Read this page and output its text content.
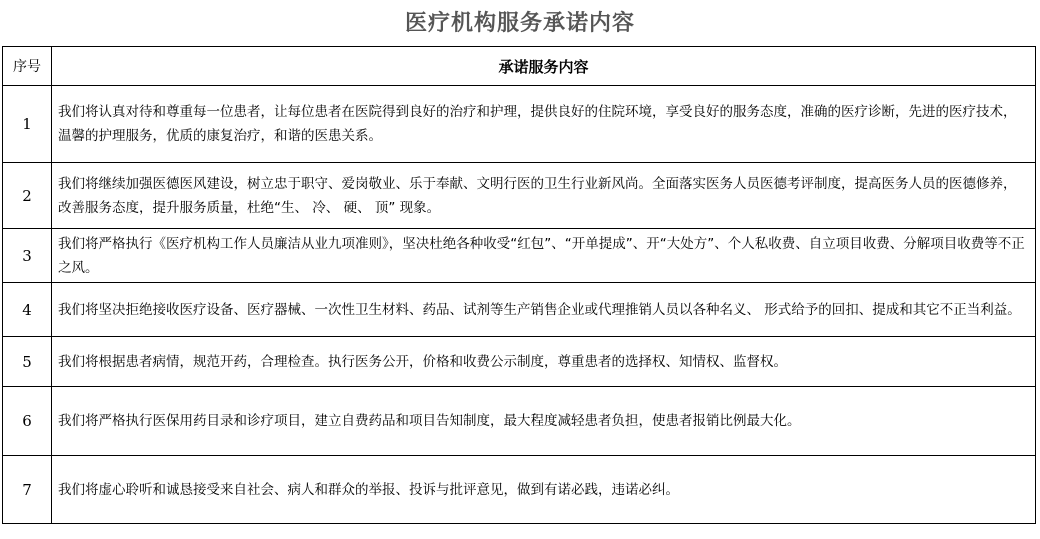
医疗机构服务承诺内容
序号	承诺服务内容
1	我们将认真对待和尊重每一位患者，让每位患者在医院得到良好的治疗和护理，提供良好的住院环境，享受良好的服务态度，准确的医疗诊断，先进的医疗技术，温馨的护理服务，优质的康复治疗，和谐的医患关系。
2	我们将继续加强医德医风建设，树立忠于职守、爱岗敬业、乐于奉献、文明行医的卫生行业新风尚。全面落实医务人员医德考评制度，提高医务人员的医德修养，改善服务态度，提升服务质量，杜绝“生、 冷、 硬、 顶” 现象。
3	我们将严格执行《医疗机构工作人员廉洁从业九项准则》，坚决杜绝各种收受“红包”、“开单提成”、开“大处方”、个人私收费、自立项目收费、分解项目收费等不正之风。
4	我们将坚决拒绝接收医疗设备、医疗器械、一次性卫生材料、药品、试剂等生产销售企业或代理推销人员以各种名义、 形式给予的回扣、提成和其它不正当利益。
5	我们将根据患者病情，规范开药，合理检查。执行医务公开，价格和收费公示制度，尊重患者的选择权、知情权、监督权。
6	我们将严格执行医保用药目录和诊疗项目，建立自费药品和项目告知制度，最大程度减轻患者负担，使患者报销比例最大化。
7	我们将虚心聆听和诚恳接受来自社会、病人和群众的举报、投诉与批评意见，做到有诺必践，违诺必纠。
